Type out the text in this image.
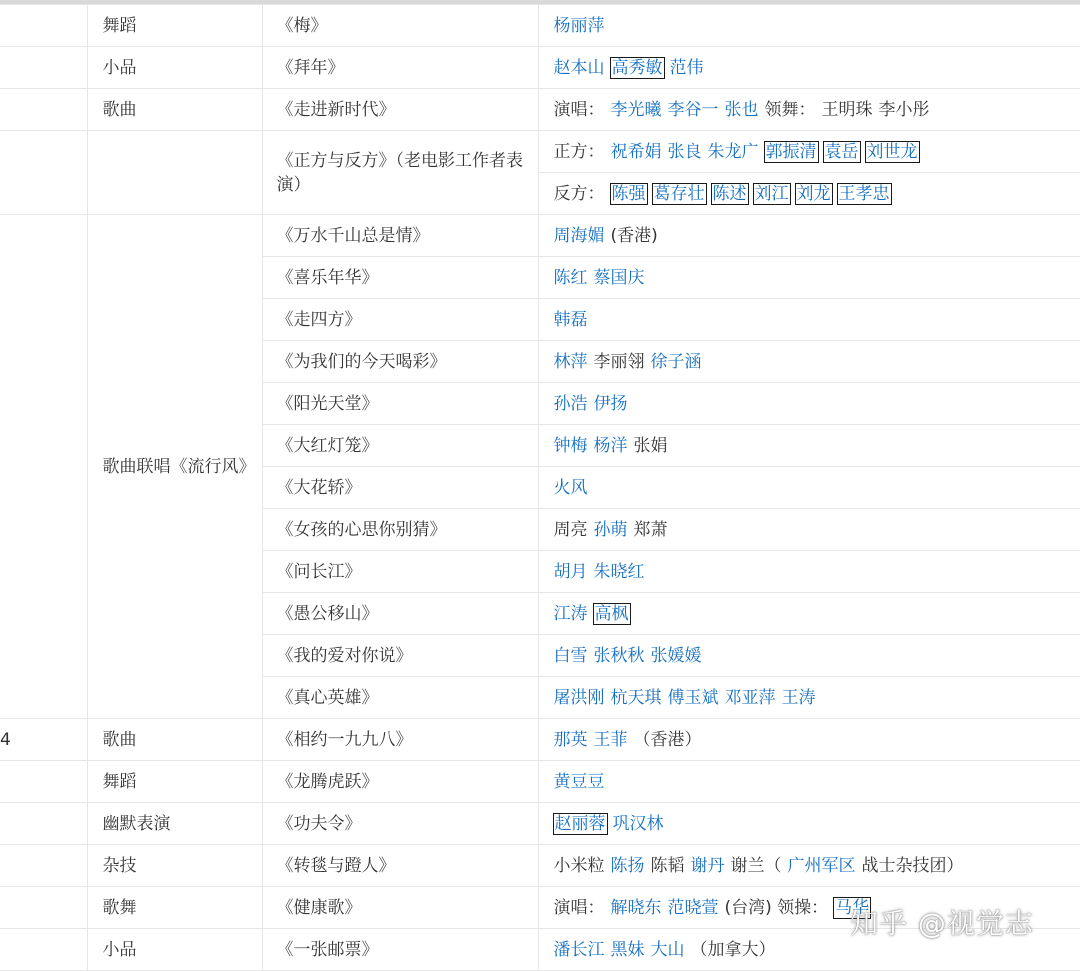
	舞蹈	《梅》	杨丽萍
	小品	《拜年》	赵本山 高秀敏 范伟
	歌曲	《走进新时代》	演唱： 李光曦 李谷一 张也 领舞： 王明珠 李小彤
		《正方与反方》（老电影工作者表演）	正方： 祝希娟 张良 朱龙广 郭振清 袁岳 刘世龙
			反方： 陈强 葛存壮 陈述 刘江 刘龙 王孝忠
	歌曲联唱《流行风》	《万水千山总是情》	周海媚 (香港)
		《喜乐年华》	陈红 蔡国庆
		《走四方》	韩磊
		《为我们的今天喝彩》	林萍 李丽翎 徐子涵
		《阳光天堂》	孙浩 伊扬
		《大红灯笼》	钟梅 杨洋 张娟
		《大花轿》	火风
		《女孩的心思你别猜》	周亮 孙萌 郑萧
		《问长江》	胡月 朱晓红
		《愚公移山》	江涛 高枫
		《我的爱对你说》	白雪 张秋秋 张媛媛
		《真心英雄》	屠洪刚 杭天琪 傅玉斌 邓亚萍 王涛
4	歌曲	《相约一九九八》	那英 王菲 （香港）
	舞蹈	《龙腾虎跃》	黄豆豆
	幽默表演	《功夫令》	赵丽蓉 巩汉林
	杂技	《转毯与蹬人》	小米粒 陈扬 陈韬 谢丹 谢兰（ 广州军区 战士杂技团）
	歌舞	《健康歌》	演唱： 解晓东 范晓萱 (台湾) 领操： 马华
	小品	《一张邮票》	潘长江 黑妹 大山 （加拿大）
知乎 @视觉志
